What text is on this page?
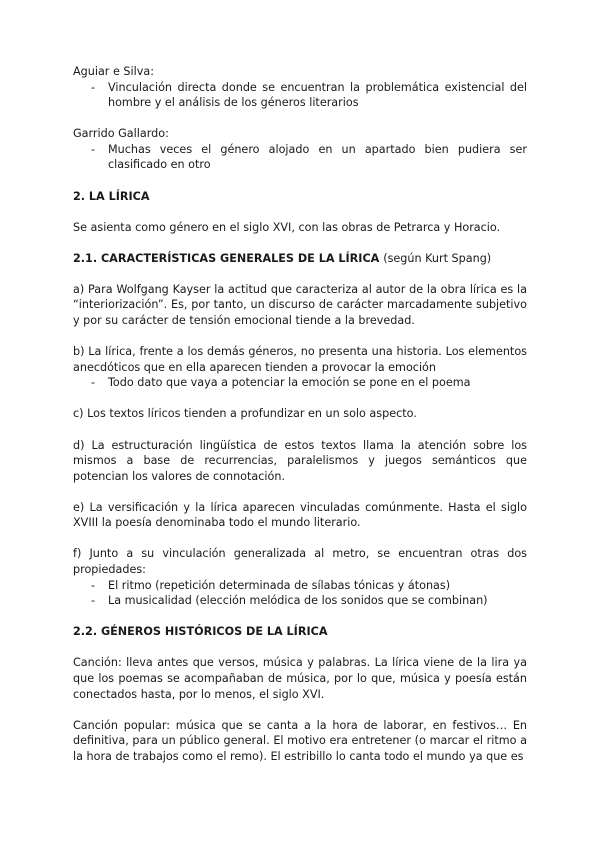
Aguiar e Silva:

- Vinculación directa donde se encuentran la problemática existencial del hombre y el análisis de los géneros literarios

Garrido Gallardo:

- Muchas veces el género alojado en un apartado bien pudiera ser clasificado en otro

2. LA LÍRICA

Se asienta como género en el siglo XVI, con las obras de Petrarca y Horacio.

2.1. CARACTERÍSTICAS GENERALES DE LA LÍRICA (según Kurt Spang)

a) Para Wolfgang Kayser la actitud que caracteriza al autor de la obra lírica es la “interiorización”. Es, por tanto, un discurso de carácter marcadamente subjetivo y por su carácter de tensión emocional tiende a la brevedad.

b) La lírica, frente a los demás géneros, no presenta una historia. Los elementos anecdóticos que en ella aparecen tienden a provocar la emoción

- Todo dato que vaya a potenciar la emoción se pone en el poema

c) Los textos líricos tienden a profundizar en un solo aspecto.

d) La estructuración lingüística de estos textos llama la atención sobre los mismos a base de recurrencias, paralelismos y juegos semánticos que potencian los valores de connotación.

e) La versificación y la lírica aparecen vinculadas comúnmente. Hasta el siglo XVIII la poesía denominaba todo el mundo literario.

f) Junto a su vinculación generalizada al metro, se encuentran otras dos propiedades:

- El ritmo (repetición determinada de sílabas tónicas y átonas)
- La musicalidad (elección melódica de los sonidos que se combinan)

2.2. GÉNEROS HISTÓRICOS DE LA LÍRICA

Canción: lleva antes que versos, música y palabras. La lírica viene de la lira ya que los poemas se acompañaban de música, por lo que, música y poesía están conectados hasta, por lo menos, el siglo XVI.

Canción popular: música que se canta a la hora de laborar, en festivos… En definitiva, para un público general. El motivo era entretener (o marcar el ritmo a la hora de trabajos como el remo). El estribillo lo canta todo el mundo ya que es
